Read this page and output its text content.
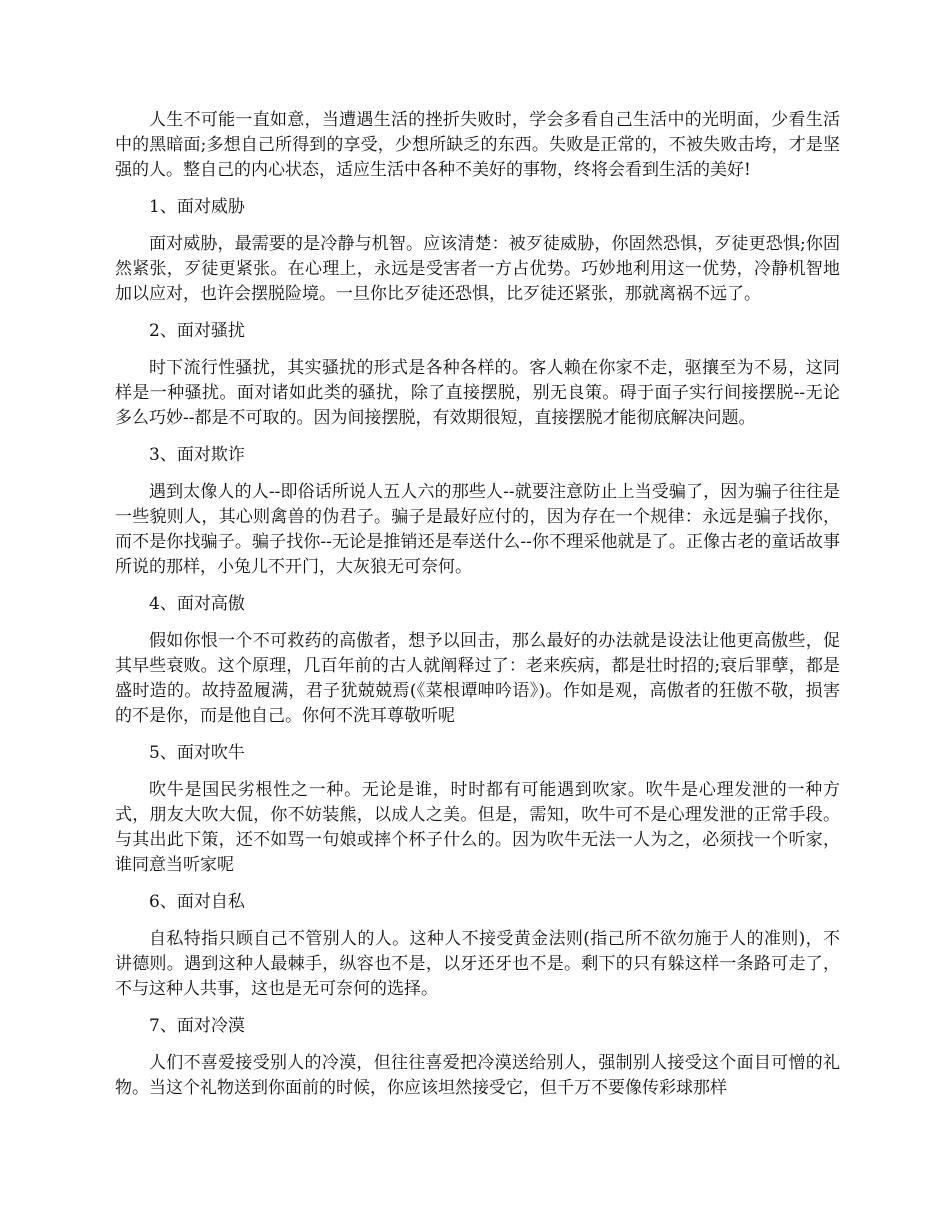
人生不可能一直如意，当遭遇生活的挫折失败时，学会多看自己生活中的光明面，少看生活中的黑暗面;多想自己所得到的享受，少想所缺乏的东西。失败是正常的，不被失败击垮，才是坚强的人。整自己的内心状态，适应生活中各种不美好的事物，终将会看到生活的美好!

1、面对威胁

面对威胁，最需要的是冷静与机智。应该清楚：被歹徒威胁，你固然恐惧，歹徒更恐惧;你固然紧张，歹徒更紧张。在心理上，永远是受害者一方占优势。巧妙地利用这一优势，冷静机智地加以应对，也许会摆脱险境。一旦你比歹徒还恐惧，比歹徒还紧张，那就离祸不远了。

2、面对骚扰

时下流行性骚扰，其实骚扰的形式是各种各样的。客人赖在你家不走，驱攘至为不易，这同样是一种骚扰。面对诸如此类的骚扰，除了直接摆脱，别无良策。碍于面子实行间接摆脱--无论多么巧妙--都是不可取的。因为间接摆脱，有效期很短，直接摆脱才能彻底解决问题。

3、面对欺诈

遇到太像人的人--即俗话所说人五人六的那些人--就要注意防止上当受骗了，因为骗子往往是一些貌则人，其心则禽兽的伪君子。骗子是最好应付的，因为存在一个规律：永远是骗子找你，而不是你找骗子。骗子找你--无论是推销还是奉送什么--你不理采他就是了。正像古老的童话故事所说的那样，小兔儿不开门，大灰狼无可奈何。

4、面对高傲

假如你恨一个不可救药的高傲者，想予以回击，那么最好的办法就是设法让他更高傲些，促其早些衰败。这个原理，几百年前的古人就阐释过了：老来疾病，都是壮时招的;衰后罪孽，都是盛时造的。故持盈履满，君子犹兢兢焉(《菜根谭呻吟语》)。作如是观，高傲者的狂傲不敬，损害的不是你，而是他自己。你何不洗耳尊敬听呢

5、面对吹牛

吹牛是国民劣根性之一种。无论是谁，时时都有可能遇到吹家。吹牛是心理发泄的一种方式，朋友大吹大侃，你不妨装熊，以成人之美。但是，需知，吹牛可不是心理发泄的正常手段。与其出此下策，还不如骂一句娘或摔个杯子什么的。因为吹牛无法一人为之，必须找一个听家，谁同意当听家呢

6、面对自私

自私特指只顾自己不管别人的人。这种人不接受黄金法则(指己所不欲勿施于人的准则)，不讲德则。遇到这种人最棘手，纵容也不是，以牙还牙也不是。剩下的只有躲这样一条路可走了，不与这种人共事，这也是无可奈何的选择。

7、面对冷漠

人们不喜爱接受别人的冷漠，但往往喜爱把冷漠送给别人，强制别人接受这个面目可憎的礼物。当这个礼物送到你面前的时候，你应该坦然接受它，但千万不要像传彩球那样
